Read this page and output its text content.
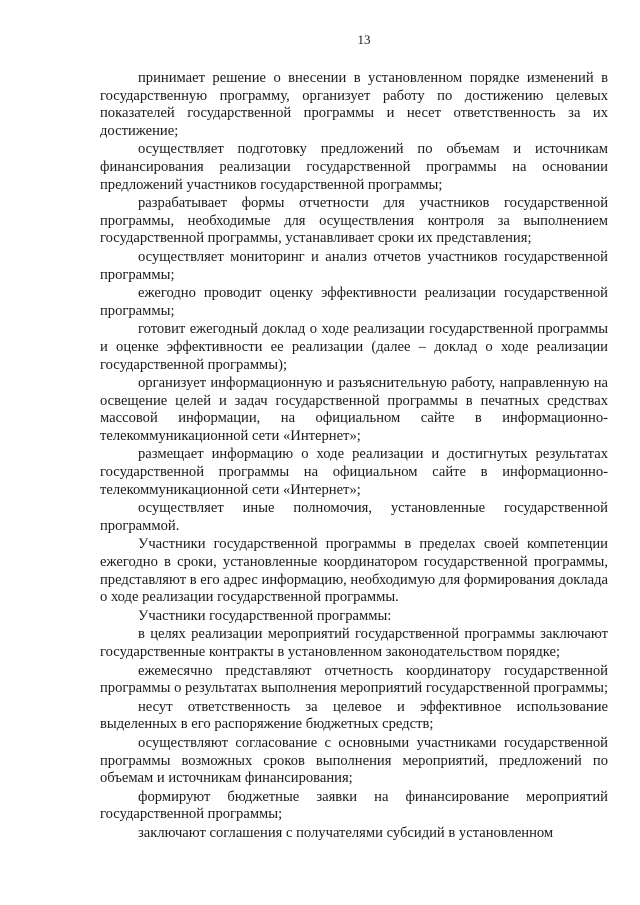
13

принимает решение о внесении в установленном порядке изменений в государственную программу, организует работу по достижению целевых показателей государственной программы и несет ответственность за их достижение;

осуществляет подготовку предложений по объемам и источникам финансирования реализации государственной программы на основании предложений участников государственной программы;

разрабатывает формы отчетности для участников государственной программы, необходимые для осуществления контроля за выполнением государственной программы, устанавливает сроки их представления;

осуществляет мониторинг и анализ отчетов участников государственной программы;

ежегодно проводит оценку эффективности реализации государственной программы;

готовит ежегодный доклад о ходе реализации государственной программы и оценке эффективности ее реализации (далее – доклад о ходе реализации государственной программы);

организует информационную и разъяснительную работу, направленную на освещение целей и задач государственной программы в печатных средствах массовой информации, на официальном сайте в информационно-телекоммуникационной сети «Интернет»;

размещает информацию о ходе реализации и достигнутых результатах государственной программы на официальном сайте в информационно-телекоммуникационной сети «Интернет»;

осуществляет иные полномочия, установленные государственной программой.

Участники государственной программы в пределах своей компетенции ежегодно в сроки, установленные координатором государственной программы, представляют в его адрес информацию, необходимую для формирования доклада о ходе реализации государственной программы.

Участники государственной программы:

в целях реализации мероприятий государственной программы заключают государственные контракты в установленном законодательством порядке;

ежемесячно представляют отчетность координатору государственной программы о результатах выполнения мероприятий государственной программы;

несут ответственность за целевое и эффективное использование выделенных в его распоряжение бюджетных средств;

осуществляют согласование с основными участниками государственной программы возможных сроков выполнения мероприятий, предложений по объемам и источникам финансирования;

формируют бюджетные заявки на финансирование мероприятий государственной программы;

заключают соглашения с получателями субсидий в установленном
